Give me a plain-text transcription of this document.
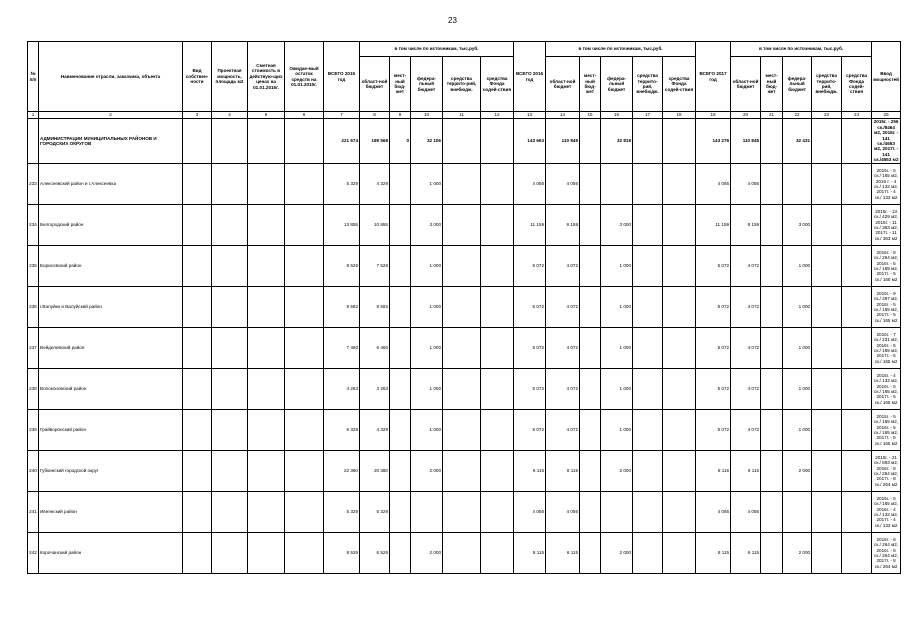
23
№ п/п	Наименование отрасли, заказчика, объекта	Вид собствен-ности	Проектная мощность, площадь м2	Сметная стоимость в действую-щих ценах на 01.01.2015г.	Ожидае-мый остаток средств на 01.01.2015г.	ВСЕГО 2015 год	в том числе по источникам, тыс.руб.					ВСЕГО 2016 год	в том числе по источникам, тыс.руб.					ВСЕГО 2017 год	в том числе по источникам, тыс.руб.					Ввод мощностей
							област-ной бюджет	мест-ный бюд-жет	федера-льный бюджет	средства террито-рий, внебюдж.	средства Фонда содей-ствия		област-ной бюджет	мест-ный бюд-жет	федера-льный бюджет	средства террито-рий, внебюдж.	средства Фонда содей-ствия		област-ной бюджет	мест-ный бюд-жет	федера-льный бюджет	средства террито-рий, внебюдж.	средства Фонда содей-ствия	
1	2	3	4	5	6	7	8	9	10	11	12	13	14	15	16	17	18	19	20	21	22	23	24	25
	АДМИНИСТРАЦИИ МУНИЦИПАЛЬНЫХ РАЙОНОВ И ГОРОДСКИХ ОКРУГОВ					221 674	189 568	0	32 106			143 663	110 845		32 818			143 276	110 845		32 431			2015г. - 256 ск./8464 м2, 2016г. - 141 ск./4653 м2, 2017г. - 141 ск./4653 м2
233	Алексеевский район и г.Алексеевка					5 329	4 329		1 000			4 056	4 056					4 056	4 056					2015г. - 5 ск./ 165 м2, 2016 г. - 4 ск./ 132 м2, 2017г. - 4 ск./ 132 м2
234	Белгородский район					13 855	10 855		3 000			11 159	8 159		3 000			11 159	8 159		3 000			2015г. - 13 ск./ 429 м2, 2016г. - 11 ск./ 363 м2, 2017г. - 11 ск./ 363 м2
235	Борисовский район					8 526	7 526		1 000			5 072	4 072		1 000			5 072	4 072		1 000			2015г. - 8 ск./ 264 м2, 2016г. - 5 ск./ 165 м2, 2017г. - 5 ск./ 165 м2
236	г.Валуйки и Валуйский район					9 592	8 592		1 000			5 072	4 072		1 000			5 072	4 072		1 000			2015г. - 9 ск./ 297 м2, 2016г. - 5 ск./ 165 м2, 2017г. - 5 ск./ 165 м2
237	Вейделевский район					7 460	6 460		1 000			5 072	4 072		1 000			5 072	4 072		1 000			2015г. - 7 ск./ 231 м2, 2016г. - 5 ск./ 165 м2, 2017г. - 5 ск./ 165 м2
238	Волоконовский район					4 263	3 263		1 000			5 072	4 072		1 000			5 072	4 072		1 000			2015г. - 4 ск./ 132 м2, 2016г. - 5 ск./ 165 м2, 2017г. - 5 ск./ 165 м2
239	Грайворонский район					5 329	4 329		1 000			5 072	4 072		1 000			5 072	4 072		1 000			2015г. - 5 ск./ 165 м2, 2016г. - 5 ск./ 165 м2, 2017г. - 5 ск./ 165 м2
240	Губкинский городской округ					22 380	20 380		2 000			8 115	6 115		2 000			8 115	6 115		2 000			2015г. - 21 ск./ 693 м2, 2016г. - 8 ск./ 264 м2, 2017г. - 8 ск./ 264 м2
241	Ивнянский район					5 329	5 329					4 056	4 056					4 056	4 056					2015г. - 5 ск./ 165 м2, 2016г. - 4 ск./ 132 м2, 2017г. - 4 ск./ 132 м2
242	Корочанский район					8 526	6 526		2 000			8 115	6 115		2 000			8 115	6 115		2 000			2015г. - 8 ск./ 264 м2, 2016г. - 8 ск./ 264 м2, 2017г. - 8 ск./ 264 м2
